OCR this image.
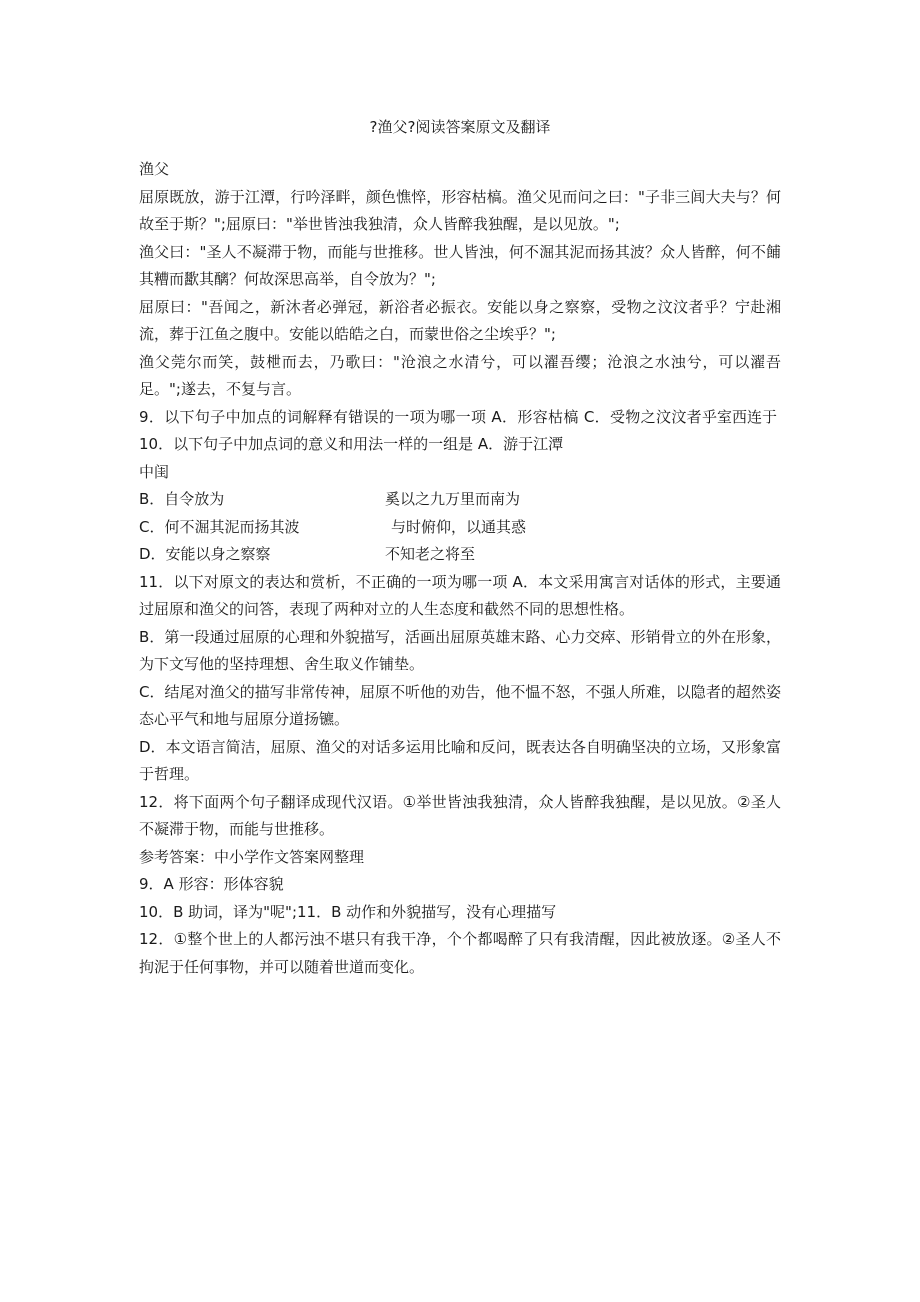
?渔父?阅读答案原文及翻译

渔父

屈原既放，游于江潭，行吟泽畔，颜色憔悴，形容枯槁。渔父见而问之曰："子非三闾大夫与？何故至于斯？";屈原曰："举世皆浊我独清，众人皆醉我独醒，是以见放。";

渔父曰："圣人不凝滞于物，而能与世推移。世人皆浊，何不淈其泥而扬其波？众人皆醉，何不餔其糟而歠其醨？何故深思高举，自令放为？";

屈原曰："吾闻之，新沐者必弹冠，新浴者必振衣。安能以身之察察，受物之汶汶者乎？宁赴湘流，葬于江鱼之腹中。安能以皓皓之白，而蒙世俗之尘埃乎？";

渔父莞尔而笑，鼓枻而去，乃歌曰："沧浪之水清兮，可以濯吾缨；沧浪之水浊兮，可以濯吾足。";遂去，不复与言。

9．以下句子中加点的词解释有错误的一项为哪一项 A．形容枯槁 C．受物之汶汶者乎 10．以下句子中加点词的意义和用法一样的一组是 A．游于江潭
室西连于

中闺

B．自令放为	奚以之九万里而南为
C．何不淈其泥而扬其波	与时俯仰，以通其惑
D．安能以身之察察	不知老之将至

11．以下对原文的表达和赏析，不正确的一项为哪一项 A．本文采用寓言对话体的形式，主要通过屈原和渔父的问答，表现了两种对立的人生态度和截然不同的思想性格。

B．第一段通过屈原的心理和外貌描写，活画出屈原英雄末路、心力交瘁、形销骨立的外在形象，为下文写他的坚持理想、舍生取义作铺垫。

C．结尾对渔父的描写非常传神，屈原不听他的劝告，他不愠不怒，不强人所难，以隐者的超然姿态心平气和地与屈原分道扬镳。

D．本文语言简洁，屈原、渔父的对话多运用比喻和反问，既表达各自明确坚决的立场，又形象富于哲理。

12．将下面两个句子翻译成现代汉语。①举世皆浊我独清，众人皆醉我独醒，是以见放。②圣人不凝滞于物，而能与世推移。

参考答案：中小学作文答案网整理

9．A 形容：形体容貌

10．B 助词，译为"呢";11．B 动作和外貌描写，没有心理描写

12．①整个世上的人都污浊不堪只有我干净，个个都喝醉了只有我清醒，因此被放逐。②圣人不拘泥于任何事物，并可以随着世道而变化。
